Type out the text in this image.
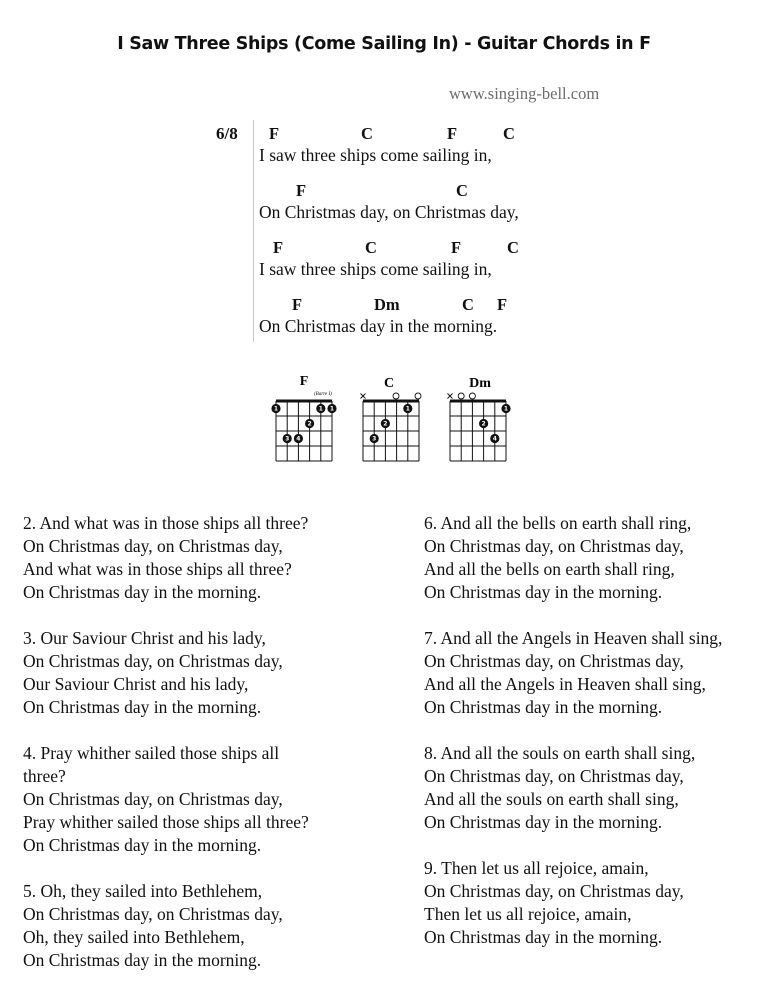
I Saw Three Ships (Come Sailing In) - Guitar Chords in F
www.singing-bell.com
6/8 F	C	F	C
I saw three ships come sailing in,
F	C
On Christmas day, on Christmas day,
F	C	F	C
I saw three ships come sailing in,
F	Dm	C F
On Christmas day in the morning.
F
(Barre I)
1	1 1
2
3 4
C
1
2
3
Dm
1
2
4

2. And what was in those ships all three?

On Christmas day, on Christmas day,

And what was in those ships all three?

On Christmas day in the morning.

3. Our Saviour Christ and his lady,

On Christmas day, on Christmas day,

Our Saviour Christ and his lady,

On Christmas day in the morning.

4. Pray whither sailed those ships all

three?

On Christmas day, on Christmas day,

Pray whither sailed those ships all three?

On Christmas day in the morning.

5. Oh, they sailed into Bethlehem,

On Christmas day, on Christmas day,

Oh, they sailed into Bethlehem,

On Christmas day in the morning.

6. And all the bells on earth shall ring,

On Christmas day, on Christmas day,

And all the bells on earth shall ring,

On Christmas day in the morning.

7. And all the Angels in Heaven shall sing,

On Christmas day, on Christmas day,

And all the Angels in Heaven shall sing,

On Christmas day in the morning.

8. And all the souls on earth shall sing,

On Christmas day, on Christmas day,

And all the souls on earth shall sing,

On Christmas day in the morning.

9. Then let us all rejoice, amain,

On Christmas day, on Christmas day,

Then let us all rejoice, amain,

On Christmas day in the morning.
